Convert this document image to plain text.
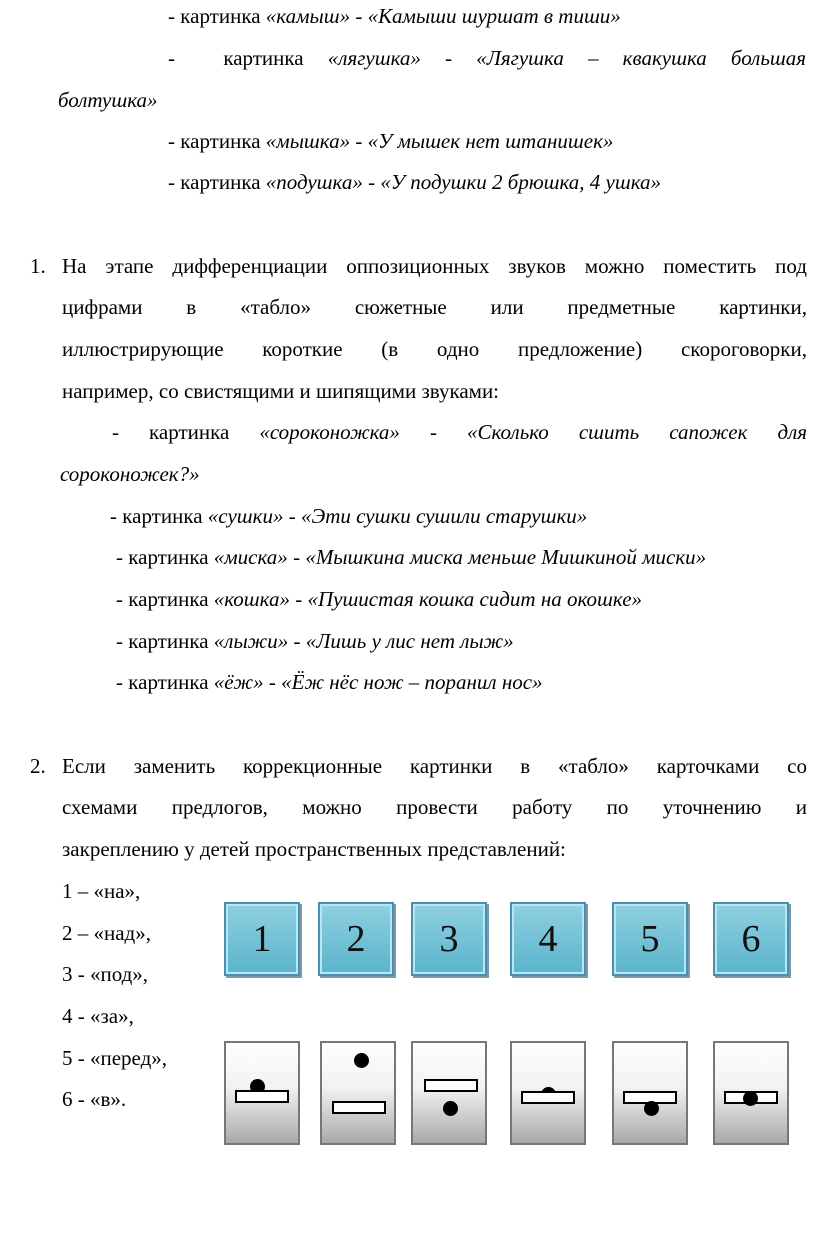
- картинка «камыш» - «Камыши шуршат в тиши»
- картинка «лягушка» - «Лягушка – квакушка большая
болтушка»
- картинка «мышка» - «У мышек нет штанишек»
- картинка «подушка» - «У подушки 2 брюшка, 4 ушка»
1. На этапе дифференциации оппозиционных звуков можно поместить под
цифрами в «табло» сюжетные или предметные картинки,
иллюстрирующие короткие (в одно предложение) скороговорки,
например, со свистящими и шипящими звуками:
- картинка «сороконожка» - «Сколько сшить сапожек для
сороконожек?»
- картинка «сушки» - «Эти сушки сушили старушки»
- картинка «миска» - «Мышкина миска меньше Мишкиной миски»
- картинка «кошка» - «Пушистая кошка сидит на окошке»
- картинка «лыжи» - «Лишь у лис нет лыж»
- картинка «ёж» - «Ёж нёс нож – поранил нос»
2. Если заменить коррекционные картинки в «табло» карточками со
схемами предлогов, можно провести работу по уточнению и
закреплению у детей пространственных представлений:
1 – «на»,
2 – «над»,
3 - «под»,
4 - «за»,
5 - «перед»,
6 - «в».
1	2	3	4	5	6
